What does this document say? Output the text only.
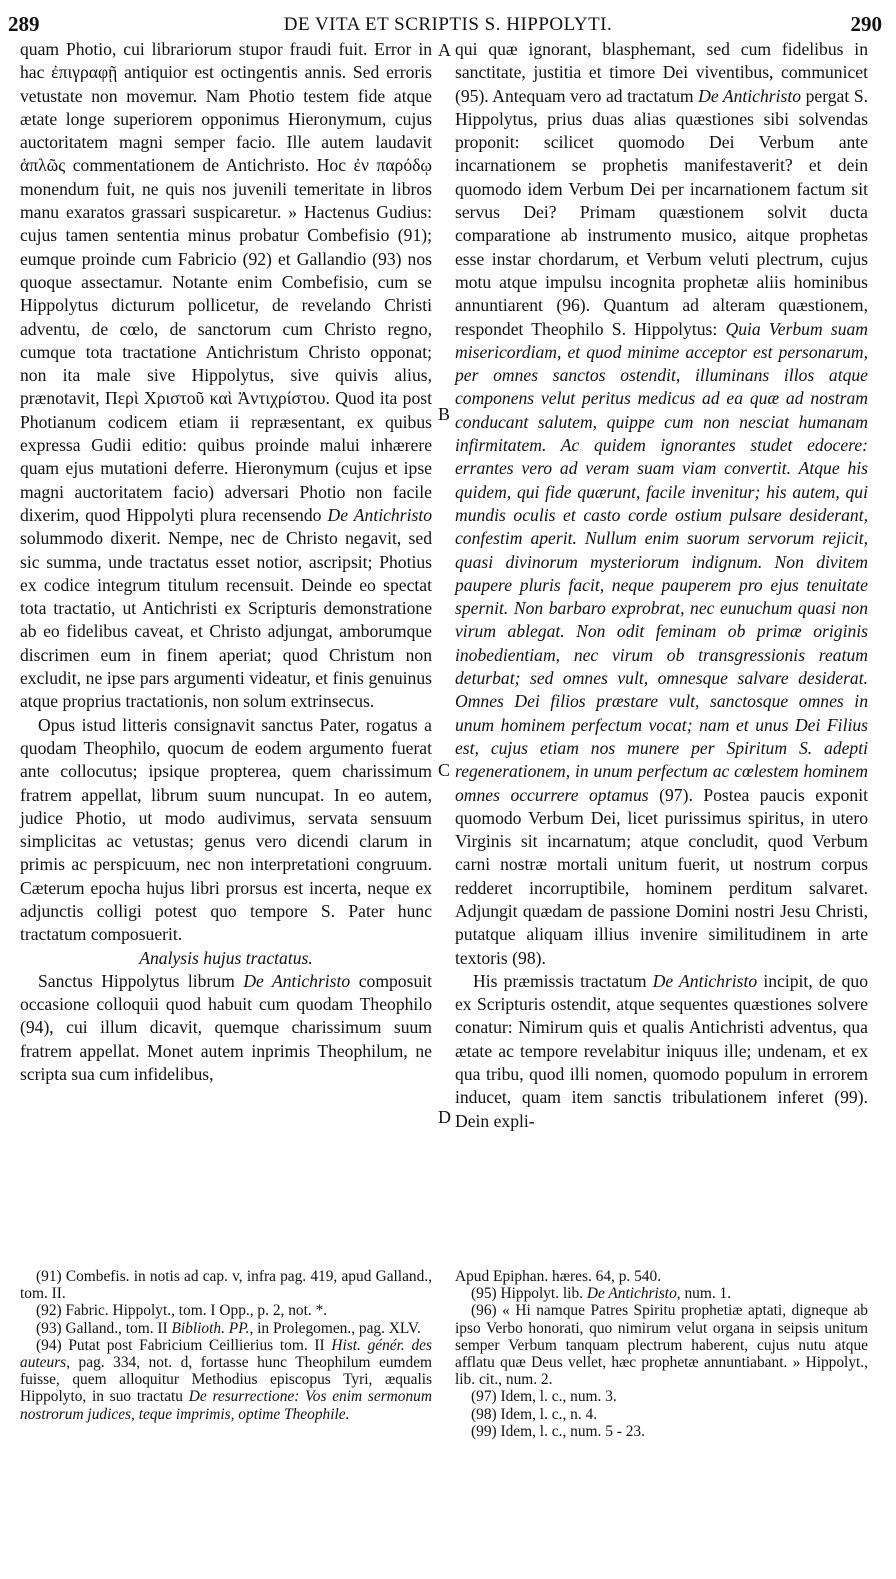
289	DE VITA ET SCRIPTIS S. HIPPOLYTI.	290
A
B
C
D

quam Photio, cui librariorum stupor fraudi fuit. Error in hac ἐπιγραφῇ antiquior est octingentis annis. Sed erroris vetustate non movemur. Nam Photio testem fide atque ætate longe superiorem opponimus Hieronymum, cujus auctoritatem magni semper facio. Ille autem laudavit ἁπλῶς commentationem de Antichristo. Hoc ἐν παρόδῳ monendum fuit, ne quis nos juvenili temeritate in libros manu exaratos grassari suspicaretur. » Hactenus Gudius: cujus tamen sententia minus probatur Combefisio (91); eumque proinde cum Fabricio (92) et Gallandio (93) nos quoque assectamur. Notante enim Combefisio, cum se Hippolytus dicturum pollicetur, de revelando Christi adventu, de cœlo, de sanctorum cum Christo regno, cumque tota tractatione Antichristum Christo opponat; non ita male sive Hippolytus, sive quivis alius, prænotavit, Περὶ Χριστοῦ καὶ Ἀντιχρίστου. Quod ita post Photianum codicem etiam ii repræsentant, ex quibus expressa Gudii editio: quibus proinde malui inhærere quam ejus mutationi deferre. Hieronymum (cujus et ipse magni auctoritatem facio) adversari Photio non facile dixerim, quod Hippolyti plura recensendo De Antichristo solummodo dixerit. Nempe, nec de Christo negavit, sed sic summa, unde tractatus esset notior, ascripsit; Photius ex codice integrum titulum recensuit. Deinde eo spectat tota tractatio, ut Antichristi ex Scripturis demonstratione ab eo fidelibus caveat, et Christo adjungat, amborumque discrimen eum in finem aperiat; quod Christum non excludit, ne ipse pars argumenti videatur, et finis genuinus atque proprius tractationis, non solum extrinsecus.

Opus istud litteris consignavit sanctus Pater, rogatus a quodam Theophilo, quocum de eodem argumento fuerat ante collocutus; ipsique propterea, quem charissimum fratrem appellat, librum suum nuncupat. In eo autem, judice Photio, ut modo audivimus, servata sensuum simplicitas ac vetustas; genus vero dicendi clarum in primis ac perspicuum, nec non interpretationi congruum. Cæterum epocha hujus libri prorsus est incerta, neque ex adjunctis colligi potest quo tempore S. Pater hunc tractatum composuerit.

Analysis hujus tractatus.

Sanctus Hippolytus librum De Antichristo composuit occasione colloquii quod habuit cum quodam Theophilo (94), cui illum dicavit, quemque charissimum suum fratrem appellat. Monet autem inprimis Theophilum, ne scripta sua cum infidelibus,

qui quæ ignorant, blasphemant, sed cum fidelibus in sanctitate, justitia et timore Dei viventibus, communicet (95). Antequam vero ad tractatum De Antichristo pergat S. Hippolytus, prius duas alias quæstiones sibi solvendas proponit: scilicet quomodo Dei Verbum ante incarnationem se prophetis manifestaverit? et dein quomodo idem Verbum Dei per incarnationem factum sit servus Dei? Primam quæstionem solvit ducta comparatione ab instrumento musico, aitque prophetas esse instar chordarum, et Verbum veluti plectrum, cujus motu atque impulsu incognita prophetæ aliis hominibus annuntiarent (96). Quantum ad alteram quæstionem, respondet Theophilo S. Hippolytus: Quia Verbum suam misericordiam, et quod minime acceptor est personarum, per omnes sanctos ostendit, illuminans illos atque componens velut peritus medicus ad ea quæ ad nostram conducant salutem, quippe cum non nesciat humanam infirmitatem. Ac quidem ignorantes studet edocere: errantes vero ad veram suam viam convertit. Atque his quidem, qui fide quærunt, facile invenitur; his autem, qui mundis oculis et casto corde ostium pulsare desiderant, confestim aperit. Nullum enim suorum servorum rejicit, quasi divinorum mysteriorum indignum. Non divitem paupere pluris facit, neque pauperem pro ejus tenuitate spernit. Non barbaro exprobrat, nec eunuchum quasi non virum ablegat. Non odit feminam ob primæ originis inobedientiam, nec virum ob transgressionis reatum deturbat; sed omnes vult, omnesque salvare desiderat. Omnes Dei filios præstare vult, sanctosque omnes in unum hominem perfectum vocat; nam et unus Dei Filius est, cujus etiam nos munere per Spiritum S. adepti regenerationem, in unum perfectum ac cœlestem hominem omnes occurrere optamus (97). Postea paucis exponit quomodo Verbum Dei, licet purissimus spiritus, in utero Virginis sit incarnatum; atque concludit, quod Verbum carni nostræ mortali unitum fuerit, ut nostrum corpus redderet incorruptibile, hominem perditum salvaret. Adjungit quædam de passione Domini nostri Jesu Christi, putatque aliquam illius invenire similitudinem in arte textoris (98).

His præmissis tractatum De Antichristo incipit, de quo ex Scripturis ostendit, atque sequentes quæstiones solvere conatur: Nimirum quis et qualis Antichristi adventus, qua ætate ac tempore revelabitur iniquus ille; undenam, et ex qua tribu, quod illi nomen, quomodo populum in errorem inducet, quam item sanctis tribulationem inferet (99). Dein expli-

(91) Combefis. in notis ad cap. v, infra pag. 419, apud Galland., tom. II.

(92) Fabric. Hippolyt., tom. I Opp., p. 2, not. *.

(93) Galland., tom. II Biblioth. PP., in Prolegomen., pag. XLV.

(94) Putat post Fabricium Ceillierius tom. II Hist. génér. des auteurs, pag. 334, not. d, fortasse hunc Theophilum eumdem fuisse, quem alloquitur Methodius episcopus Tyri, æqualis Hippolyto, in suo tractatu De resurrectione: Vos enim sermonum nostrorum judices, teque imprimis, optime Theophile.

Apud Epiphan. hæres. 64, p. 540.

(95) Hippolyt. lib. De Antichristo, num. 1.

(96) « Hi namque Patres Spiritu prophetiæ aptati, digneque ab ipso Verbo honorati, quo nimirum velut organa in seipsis unitum semper Verbum tanquam plectrum haberent, cujus nutu atque afflatu quæ Deus vellet, hæc prophetæ annuntiabant. » Hippolyt., lib. cit., num. 2.

(97) Idem, l. c., num. 3.

(98) Idem, l. c., n. 4.

(99) Idem, l. c., num. 5 - 23.
